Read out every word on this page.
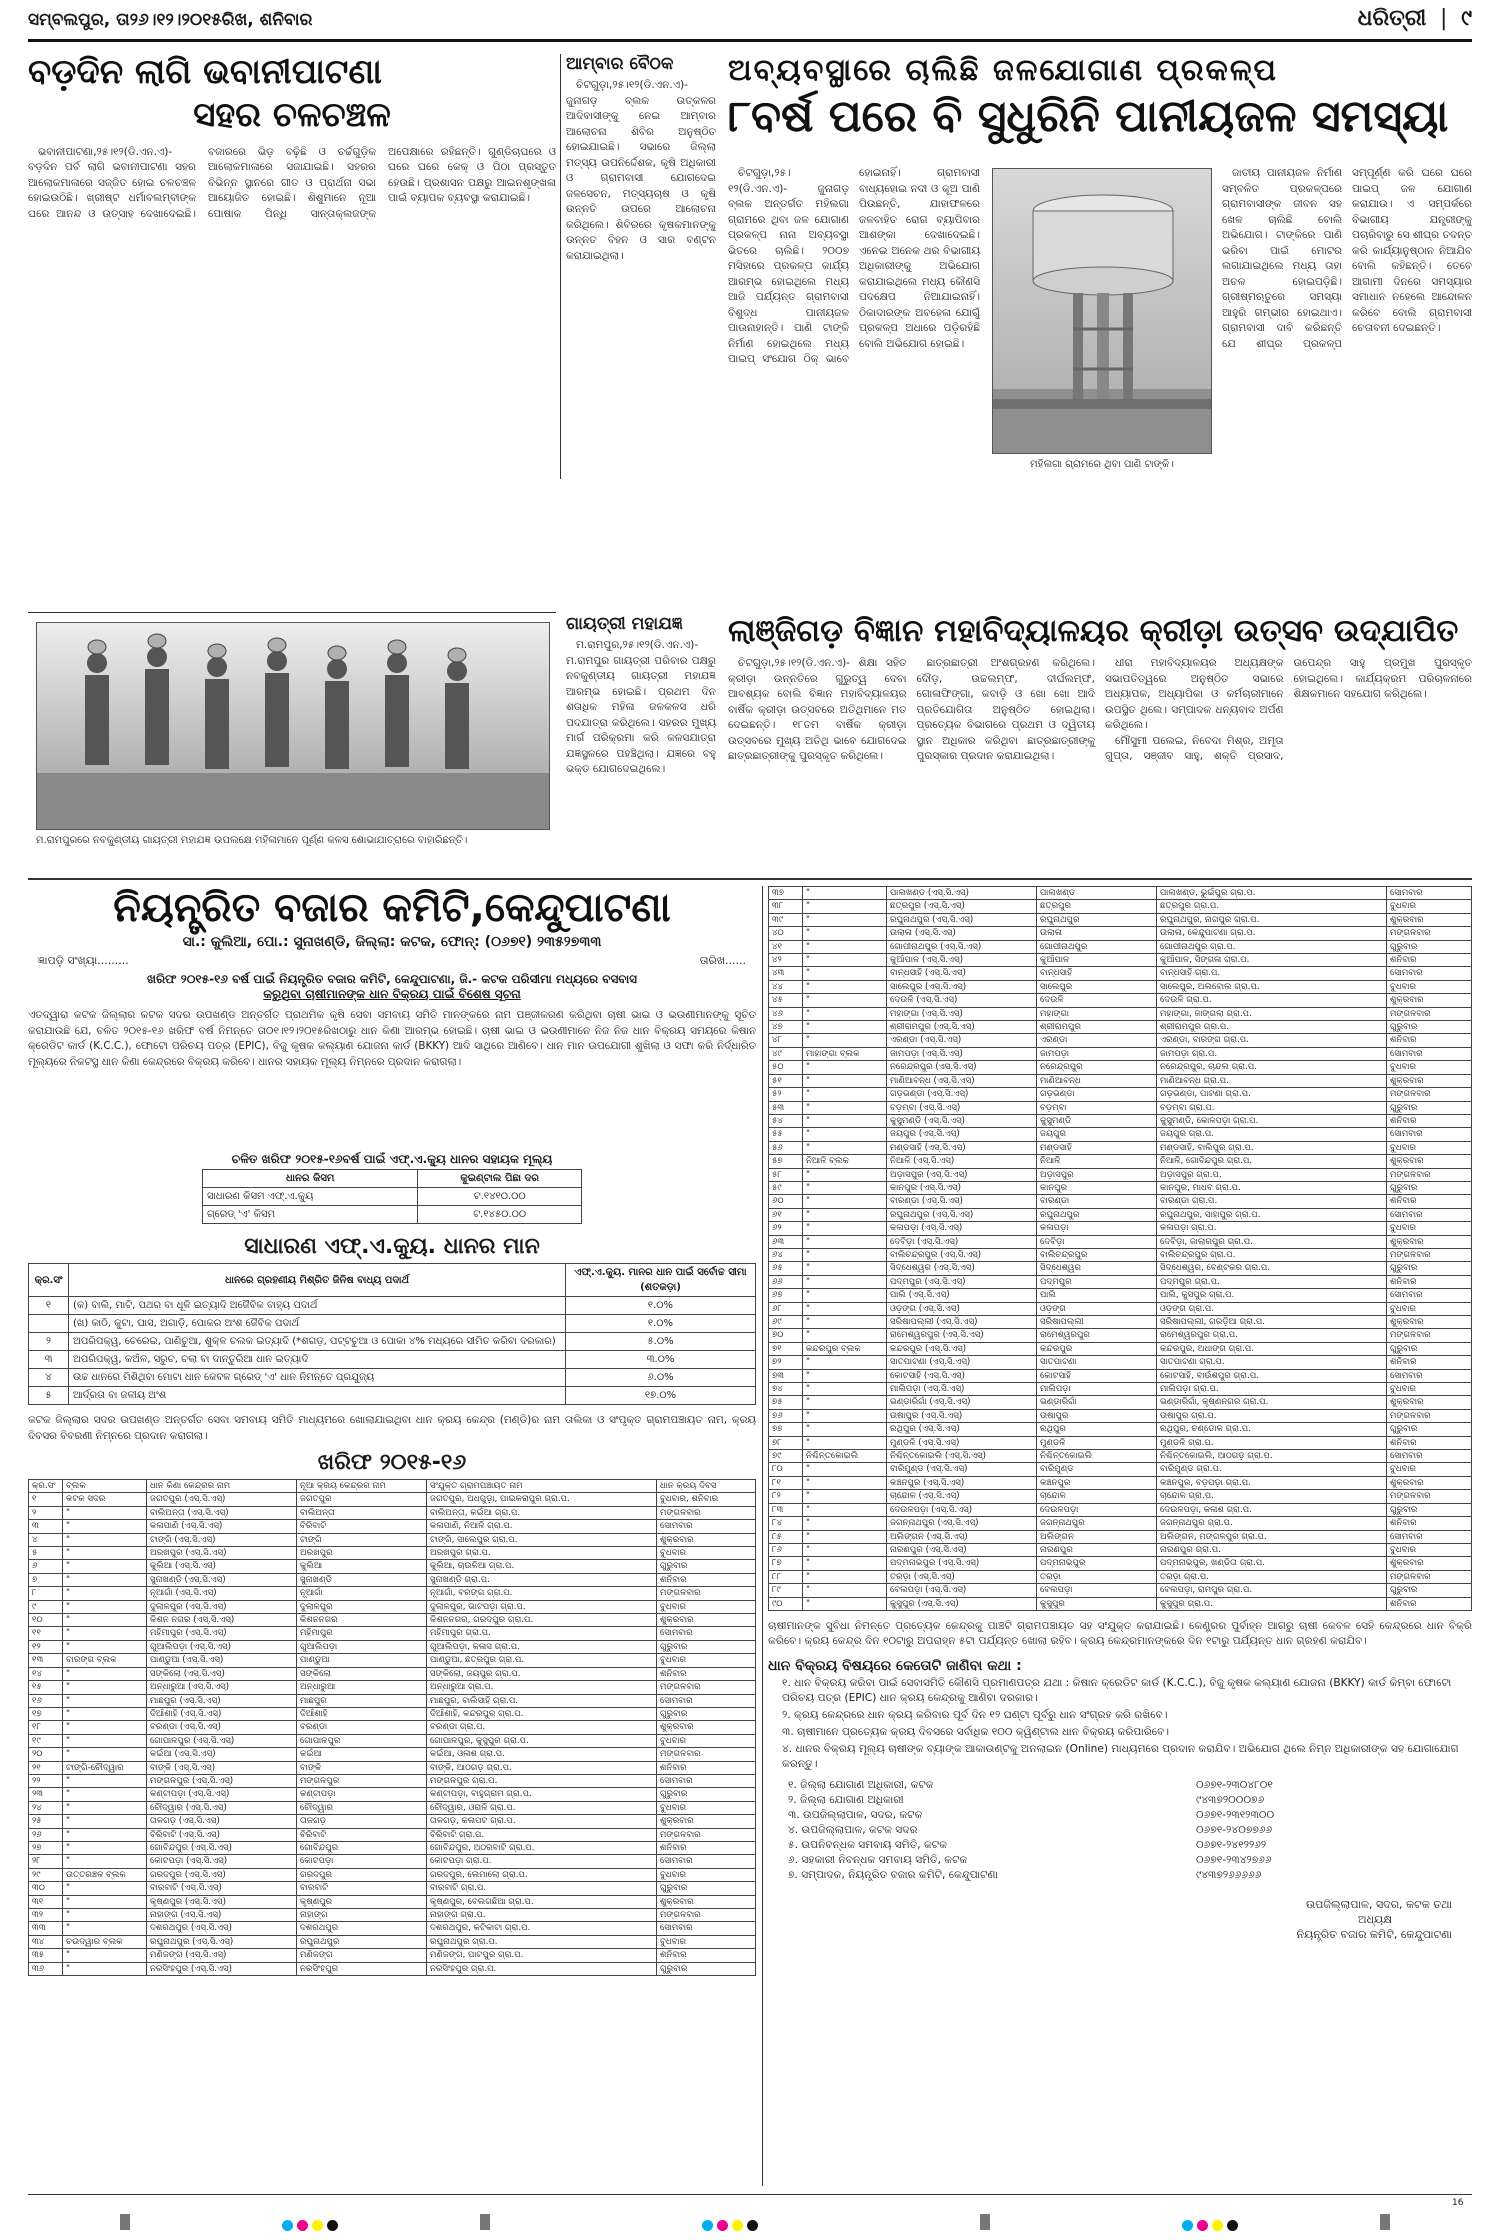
ସମ୍ବଲପୁର, ତା୨୬।୧୨।୨୦୧୫ରିଖ, ଶନିବାର	ଧରିତ୍ରୀ | ୯
ବଡ଼ଦିନ ଲାଗି ଭବାନୀପାଟଣା
ସହର ଚଳଚଞ୍ଚଳ

ଭବାନୀପାଟଣା,୨୫।୧୨(ଡି.ଏନ.ଏ)- ବଡ଼ଦିନ ପର୍ବ ଲାଗି ଭବାନୀପାଟଣା ସହର ଆଲୋକମାଳାରେ ସଜ୍ଜିତ ହୋଇ ଚଳଚଞ୍ଚଳ ହୋଇଉଠିଛି। ଖ୍ରୀଷ୍ଟ ଧର୍ମାବଲମ୍ବୀଙ୍କ ଘରେ ଆନନ୍ଦ ଓ ଉତ୍ସାହ ଦେଖାଦେଇଛି। ବଜାରରେ ଭିଡ଼ ବଢ଼ିଛି ଓ ଚର୍ଚ୍ଚଗୁଡ଼ିକ ଆଲୋକମାଳାରେ ସଜାଯାଇଛି। ସହରର ବିଭିନ୍ନ ସ୍ଥାନରେ ଗୀତ ଓ ପ୍ରାର୍ଥନା ସଭା ଆୟୋଜିତ ହୋଇଛି। ଶିଶୁମାନେ ନୂଆ ପୋଷାକ ପିନ୍ଧି ସାନ୍ତାକ୍ଲଜଙ୍କ ଅପେକ୍ଷାରେ ରହିଛନ୍ତି। ଗୁଣ୍ଡିଚାଘରେ ଓ ଘରେ ଘରେ କେକ୍ ଓ ପିଠା ପ୍ରସ୍ତୁତ ହେଉଛି। ପ୍ରଶାସନ ପକ୍ଷରୁ ଆଇନଶୃଙ୍ଖଳା ପାଇଁ ବ୍ୟାପକ ବ୍ୟବସ୍ଥା କରାଯାଇଛି।

ଆମ୍ବାର ବୈଠକ

ଚିଟଗୁଡ଼ା,୨୫।୧୨(ଡି.ଏନ.ଏ)- ଜୁନାଗଡ଼ ବ୍ଲକ ଉତ୍କଳର ଆଦିବାସୀଙ୍କୁ ନେଇ ଆମ୍ବାର ଆଲୋଚନା ଶିବିର ଅନୁଷ୍ଠିତ ହୋଇଯାଇଛି। ସଭାରେ ଜିଲ୍ଲା ମତ୍ସ୍ୟ ଉପନିର୍ଦ୍ଦେଶକ, କୃଷି ଅଧିକାରୀ ଓ ଗ୍ରାମବାସୀ ଯୋଗଦେଇ ଜଳସେଚନ, ମତ୍ସ୍ୟଚାଷ ଓ କୃଷି ଉନ୍ନତି ଉପରେ ଆଲୋଚନା କରିଥିଲେ। ଶିବିରରେ କୃଷକମାନଙ୍କୁ ଉନ୍ନତ ବିହନ ଓ ସାର ବଣ୍ଟନ କରାଯାଇଥିଲା।

ଅବ୍ୟବସ୍ଥାରେ ଚାଲିଛି ଜଳଯୋଗାଣ ପ୍ରକଳ୍ପ
୮ବର୍ଷ ପରେ ବି ସୁଧୁରିନି ପାନୀୟଜଳ ସମସ୍ୟା

ଚିଟଗୁଡ଼ା,୨୫।୧୨(ଡି.ଏନ.ଏ)- ଜୁନାଗଡ଼ ବ୍ଲକ ଅନ୍ତର୍ଗତ ମହିଲଗା ଗ୍ରାମରେ ଥିବା ଜଳ ଯୋଗାଣ ପ୍ରକଳ୍ପ ନାନା ଅବ୍ୟବସ୍ଥା ଭିତରେ ଚାଲିଛି। ୨୦୦୭ ମସିହାରେ ପ୍ରକଳ୍ପ କାର୍ଯ୍ୟ ଆରମ୍ଭ ହୋଇଥିଲେ ମଧ୍ୟ ଆଜି ପର୍ଯ୍ୟନ୍ତ ଗ୍ରାମବାସୀ ବିଶୁଦ୍ଧ ପାନୀୟଜଳ ପାଉନାହାନ୍ତି। ପାଣି ଟାଙ୍କି ନିର୍ମାଣ ହୋଇଥିଲେ ମଧ୍ୟ ପାଇପ୍ ସଂଯୋଗ ଠିକ୍ ଭାବେ ହୋଇନାହିଁ। ଗ୍ରାମବାସୀ ବାଧ୍ୟହୋଇ ନଦୀ ଓ କୂଅ ପାଣି ପିଉଛନ୍ତି, ଯାହାଫଳରେ ଜଳବାହିତ ରୋଗ ବ୍ୟାପିବାର ଆଶଙ୍କା ଦେଖାଦେଇଛି। ଏନେଇ ଅନେକ ଥର ବିଭାଗୀୟ ଅଧିକାରୀଙ୍କୁ ଅଭିଯୋଗ କରାଯାଇଥିଲେ ମଧ୍ୟ କୌଣସି ପଦକ୍ଷେପ ନିଆଯାଇନାହିଁ। ଠିକାଦାରଙ୍କ ଅବହେଳା ଯୋଗୁଁ ପ୍ରକଳ୍ପ ଅଧାରେ ପଡ଼ିରହିଛି ବୋଲି ଅଭିଯୋଗ ହୋଇଛି।

ମହିଲଗା ଗ୍ରାମରେ ଥିବା ପାଣି ଟାଙ୍କି।

ଜାତୀୟ ପାନୀୟଜଳ ନିର୍ମାଣ ସମ୍ବଳିତ ପ୍ରକଳ୍ପରେ ଗ୍ରାମବାସୀଙ୍କ ଜୀବନ ସହ ଖେଳ ଚାଲିଛି ବୋଲି ଅଭିଯୋଗ। ଟାଙ୍କିରେ ପାଣି ଭରିବା ପାଇଁ ମୋଟର ଲଗାଯାଇଥିଲେ ମଧ୍ୟ ତାହା ଅଚଳ ହୋଇପଡ଼ିଛି। ଗ୍ରୀଷ୍ମଋତୁରେ ସମସ୍ୟା ଆହୁରି ଗମ୍ଭୀର ହୋଇଥାଏ। ଗ୍ରାମବାସୀ ଦାବି କରିଛନ୍ତି ଯେ ଶୀଘ୍ର ପ୍ରକଳ୍ପ ସମ୍ପୂର୍ଣ୍ଣ କରି ଘରେ ଘରେ ପାଇପ୍ ଜଳ ଯୋଗାଣ କରାଯାଉ। ଏ ସମ୍ପର୍କରେ ବିଭାଗୀୟ ଯନ୍ତ୍ରୀଙ୍କୁ ପଚାରିବାରୁ ସେ ଶୀଘ୍ର ତଦନ୍ତ କରି କାର୍ଯ୍ୟାନୁଷ୍ଠାନ ନିଆଯିବ ବୋଲି କହିଛନ୍ତି। ତେବେ ଆଗାମୀ ଦିନରେ ସମସ୍ୟାର ସମାଧାନ ନହେଲେ ଆନ୍ଦୋଳନ କରିବେ ବୋଲି ଗ୍ରାମବାସୀ ଚେତାବନୀ ଦେଇଛନ୍ତି।

ମ.ରାମପୁରରେ ନବକୁଣ୍ଡୀୟ ଗାୟତ୍ରୀ ମହାଯଜ୍ଞ ଉପଲକ୍ଷେ ମହିଳାମାନେ ପୂର୍ଣ୍ଣ କଳସ ଶୋଭାଯାତ୍ରାରେ ବାହାରିଛନ୍ତି।
ଗାୟତ୍ରୀ ମହାଯଜ୍ଞ

ମ.ରାମପୁର,୨୫।୧୨(ଡି.ଏନ.ଏ)- ମ.ରାମପୁର ଗାୟତ୍ରୀ ପରିବାର ପକ୍ଷରୁ ନବକୁଣ୍ଡୀୟ ଗାୟତ୍ରୀ ମହାଯଜ୍ଞ ଆରମ୍ଭ ହୋଇଛି। ପ୍ରଥମ ଦିନ ଶତାଧିକ ମହିଳା ଜଳକଳସ ଧରି ପଦଯାତ୍ରା କରିଥିଲେ। ସହରର ମୁଖ୍ୟ ମାର୍ଗ ପରିକ୍ରମା କରି କଳସଯାତ୍ରା ଯଜ୍ଞସ୍ଥଳରେ ପହଞ୍ଚିଥିଲା। ଯଜ୍ଞରେ ବହୁ ଭକ୍ତ ଯୋଗଦେଇଥିଲେ।

ଲାଞ୍ଜିଗଡ଼ ବିଜ୍ଞାନ ମହାବିଦ୍ୟାଳୟର କ୍ରୀଡ଼ା ଉତ୍ସବ ଉଦ୍ଯାପିତ

ଚିଟଗୁଡ଼ା,୨୫।୧୨(ଡି.ଏନ.ଏ)- ଶିକ୍ଷା ସହିତ କ୍ରୀଡ଼ା ଉନ୍ନତିରେ ଗୁରୁତ୍ୱ ଦେବା ଆବଶ୍ୟକ ବୋଲି ବିଜ୍ଞାନ ମହାବିଦ୍ୟାଳୟର ବାର୍ଷିକ କ୍ରୀଡ଼ା ଉତ୍ସବରେ ଅତିଥିମାନେ ମତ ଦେଇଛନ୍ତି। ୧୮ତମ ବାର୍ଷିକ କ୍ରୀଡ଼ା ଉତ୍ସବରେ ମୁଖ୍ୟ ଅତିଥି ଭାବେ ଯୋଗଦେଇ ଛାତ୍ରଛାତ୍ରୀଙ୍କୁ ପୁରସ୍କୃତ କରିଥିଲେ।

ଛାତ୍ରଛାତ୍ରୀ ଅଂଶଗ୍ରହଣ କରିଥିଲେ। ଦୌଡ଼, ଉଚ୍ଚଲମ୍ଫ, ଦୀର୍ଘଲମ୍ଫ, ଗୋଳାଫିଙ୍ଗା, କବାଡ଼ି ଓ ଖୋ ଖୋ ଆଦି ପ୍ରତିଯୋଗିତା ଅନୁଷ୍ଠିତ ହୋଇଥିଲା। ପ୍ରତ୍ୟେକ ବିଭାଗରେ ପ୍ରଥମ ଓ ଦ୍ୱିତୀୟ ସ୍ଥାନ ଅଧିକାର କରିଥିବା ଛାତ୍ରଛାତ୍ରୀଙ୍କୁ ପୁରସ୍କାର ପ୍ରଦାନ କରାଯାଇଥିଲା।

ଧୀରା ମହାବିଦ୍ୟାଳୟର ଅଧ୍ୟକ୍ଷଙ୍କ ସଭାପତିତ୍ୱରେ ଅନୁଷ୍ଠିତ ସଭାରେ ଅଧ୍ୟାପକ, ଅଧ୍ୟାପିକା ଓ କର୍ମଚାରୀମାନେ ଉପସ୍ଥିତ ଥିଲେ। ସମ୍ପାଦକ ଧନ୍ୟବାଦ ଅର୍ପଣ କରିଥିଲେ।

ମୌସୁମୀ ପଲେଇ, ନିବେଦା ମିଶ୍ର, ଅମୃତା ଗୁପ୍ତା, ସଞ୍ଜୀବ ସାହୁ, ଶକ୍ତି ପ୍ରସାଦ, ଉପେନ୍ଦ୍ର ସାହୁ ପ୍ରମୁଖ ପୁରସ୍କୃତ ହୋଇଥିଲେ। କାର୍ଯ୍ୟକ୍ରମ ପରିଚାଳନାରେ ଶିକ୍ଷକମାନେ ସହଯୋଗ କରିଥିଲେ।

ନିୟନ୍ତ୍ରିତ ବଜାର କମିଟି,କେନ୍ଦୁପାଟଣା
ସା.: କୁଲିଆ, ପୋ.: ସୁନାଖଣ୍ଡି, ଜିଲ୍ଲା: କଟକ, ଫୋନ୍: (୦୬୭୧) ୨୩୫୨୭୩୩
ଜ୍ଞାପଡ଼ି ସଂଖ୍ୟା.........	ତାରିଖ......
ଖରିଫ ୨୦୧୫-୧୬ ବର୍ଷ ପାଇଁ ନିୟନ୍ତ୍ରିତ ବଜାର କମିଟି, କେନ୍ଦୁପାଟଣା, ଜି.- କଟକ ପରିସୀମା ମଧ୍ୟରେ ବସବାସ
କରୁଥିବା ଚାଷୀମାନଙ୍କ ଧାନ ବିକ୍ରୟ ପାଇଁ ବିଶେଷ ସୂଚନା
ଏତଦ୍ୱାରା କଟକ ଜିଲ୍ଲାର କଟକ ସଦର ଉପଖଣ୍ଡ ଅନ୍ତର୍ଗତ ପ୍ରାଥମିକ କୃଷି ସେବା ସମବାୟ ସମିତି ମାନଙ୍କରେ ନାମ ପଞ୍ଜୀକରଣ କରିଥିବା ଚାଷୀ ଭାଇ ଓ ଭଉଣୀମାନଙ୍କୁ ସୂଚିତ କରାଯାଉଛି ଯେ, ଚଳିତ ୨୦୧୫-୧୬ ଖରିଫ ବର୍ଷ ନିମନ୍ତେ ତା୦୧।୧୨।୨୦୧୫ରିଖଠାରୁ ଧାନ କିଣା ଆରମ୍ଭ ହୋଇଛି। ଚାଷୀ ଭାଇ ଓ ଭଉଣୀମାନେ ନିଜ ନିଜ ଧାନ ବିକ୍ରୟ ସମୟରେ କିଷାନ କ୍ରେଡିଟ କାର୍ଡ (K.C.C.), ଫୋଟୋ ପରିଚୟ ପତ୍ର (EPIC), ବିଜୁ କୃଷକ କଲ୍ୟାଣ ଯୋଜନା କାର୍ଡ (BKKY) ଆଦି ସାଥିରେ ଆଣିବେ। ଧାନ ମାନ ଉପଯୋଗୀ ଶୁଖିଲା ଓ ସଫା କରି ନିର୍ଦ୍ଧାରିତ ମୂଲ୍ୟରେ ନିକଟସ୍ଥ ଧାନ କିଣା କେନ୍ଦ୍ରରେ ବିକ୍ରୟ କରିବେ। ଧାନର ସହାୟକ ମୂଲ୍ୟ ନିମ୍ନରେ ପ୍ରଦାନ କରାଗଲା।
ଚଳିତ ଖରିଫ ୨୦୧୫-୧୬ବର୍ଷ ପାଇଁ ଏଫ୍.ଏ.କ୍ୟୁ ଧାନର ସହାୟକ ମୂଲ୍ୟ
ଧାନର କିସମ	କୁଇଣ୍ଟାଲ ପିଛା ଦର
ସାଧାରଣ କିସମ ଏଫ୍.ଏ.କ୍ୟୁ	ଟ.୧୪୧୦.୦୦
ଗ୍ରେଡ୍ 'ଏ' କିସମ	ଟ.୧୪୫୦.୦୦
ସାଧାରଣ ଏଫ୍.ଏ.କ୍ୟୁ. ଧାନର ମାନ
କ୍ର.ସଂ	ଧାନରେ ଗ୍ରହଣୀୟ ମିଶ୍ରିତ ଜିନିଷ ବାଧ୍ୟ ପଦାର୍ଥ	ଏଫ୍.ଏ.କ୍ୟୁ. ମାନର ଧାନ ପାଇଁ ସର୍ବୋଚ୍ଚ ସୀମା (ଶତକଡ଼ା)
୧	(କ) ବାଲି, ମାଟି, ପଥର ବା ଧୂଳି ଇତ୍ୟାଦି ଅଜୈବିକ ବାହ୍ୟ ପଦାର୍ଥ	୧.୦%
	(ଖ) କାଠି, କୁଟା, ଘାସ, ଅଗାଡ଼ି, ପୋକର ଅଂଶ ଜୈବିକ ପଦାର୍ଥ	୧.୦%
୨	ଅପରିପକ୍ୱ, ଚେରେଇ, ପାଣିଚୁଆ, ଶୁକ୍ଳ ଚଲକ ଇତ୍ୟାଦି (*ଶଗଡ଼, ପଟ୍ଟଚୁଆ ଓ ପୋକା ୪% ମଧ୍ୟରେ ସୀମିତ କରିବା ଦରକାର)	୫.୦%
୩	ଅପରିପକ୍ୱ, କଅଁଳ, ସରୁଚ, ଚଲା ବା ଦାନ୍ତୁରିଆ ଧାନ ଇତ୍ୟାଦି	୩.୦%
୪	ଉଚ୍ଚ ଧାନରେ ମିଶିଥିବା ମୋଟା ଧାନ କେବଳ ଗ୍ରେଡ୍ 'ଏ' ଧାନ ନିମନ୍ତେ ପ୍ରଯୁଜ୍ୟ	୬.୦%
୫	ଆର୍ଦ୍ରତା ବା ଜଳୀୟ ଅଂଶ	୧୭.୦%
କଟକ ଜିଲ୍ଲାର ସଦର ଉପଖଣ୍ଡ ଅନ୍ତର୍ଗତ ସେବା ସମବାୟ ସମିତି ମାଧ୍ୟମରେ ଖୋଲାଯାଇଥିବା ଧାନ କ୍ରୟ କେନ୍ଦ୍ର (ମଣ୍ଡି)ର ନାମ ତାଲିକା ଓ ସଂପୃକ୍ତ ଗ୍ରାମପଞ୍ଚାୟତ ନାମ, କ୍ରୟ ଦିବସର ବିବରଣୀ ନିମ୍ନରେ ପ୍ରଦାନ କରାଗଲା।
ଖରିଫ ୨୦୧୫-୧୬
କ୍ର.ସଂ	ବ୍ଲକ	ଧାନ କିଣା କେନ୍ଦ୍ରର ନାମ	ନୂଆ କ୍ରୟ କେନ୍ଦ୍ରର ନାମ	ସଂଯୁକ୍ତ ଗ୍ରାମପଞ୍ଚାୟତ ନାମ	ଧାନ କ୍ରୟ ଦିବସ
୧	କଟକ ସଦର	ଜଗତପୁର (ଏସ୍.ସି.ଏସ୍)	ଜଗତପୁର	ଜଗତପୁର, ଅଧଗୁଡ଼ା, ପାଇକରାପୁର ଗ୍ରା.ପ.	ବୁଧବାର, ଶନିବାର
୨	"	ବାଲିଅନ୍ତା (ଏସ୍.ସି.ଏସ୍)	ବାଲିଅନ୍ତା	ବାଲିଅନ୍ତା, କଇଁଆ ଗ୍ରା.ପ.	ମଙ୍ଗଳବାର
୩	"	କଳାପାଣି (ଏସ୍.ସି.ଏସ୍)	ବିରିବାଟି	କଳାପାଣି, ନିଆଳି ଗ୍ରା.ପ.	ସୋମବାର
୪	"	ଟାଙ୍ଗି (ଏସ୍.ସି.ଏସ୍)	ଟାଙ୍ଗି	ଟାଙ୍ଗି, ସାଲେପୁର ଗ୍ରା.ପ.	ଶୁକ୍ରବାର
୫	"	ଅରଖପୁର (ଏସ୍.ସି.ଏସ୍)	ଅରଖପୁର	ଅରଖପୁର ଗ୍ରା.ପ.	ବୁଧବାର
୬	"	କୁଲିଆ (ଏସ୍.ସି.ଏସ୍)	କୁଲିଆ	କୁଲିଆ, ଚାଉଳିଆ ଗ୍ରା.ପ.	ଗୁରୁବାର
୭	"	ସୁନାଖଣ୍ଡି (ଏସ୍.ସି.ଏସ୍)	ସୁନାଖଣ୍ଡି	ସୁନାଖଣ୍ଡି ଗ୍ରା.ପ.	ଶନିବାର
୮	"	ନୂଆଗାଁ (ଏସ୍.ସି.ଏସ୍)	ନୂଆଗାଁ	ନୂଆଗାଁ, ବରଙ୍ଗ ଗ୍ରା.ପ.	ମଙ୍ଗଳବାର
୯	"	ଦୁଲାଳପୁର (ଏସ୍.ସି.ଏସ୍)	ଦୁଲାଳପୁର	ଦୁଲାଳପୁର, ଭାଟପଡ଼ା ଗ୍ରା.ପ.	ବୁଧବାର
୧୦	"	କିଶନ ନଗର (ଏସ୍.ସି.ଏସ୍)	କିଶନନଗର	କିଶନନଗର, ଗରଦପୁର ଗ୍ରା.ପ.	ଶୁକ୍ରବାର
୧୧	"	ମହିମାପୁର (ଏସ୍.ସି.ଏସ୍)	ମହିମାପୁର	ମହିମାପୁର ଗ୍ରା.ପ.	ସୋମବାର
୧୨	"	ଗୁଆଲିପଡ଼ା (ଏସ୍.ସି.ଏସ୍)	ଗୁଆଲିପଡ଼ା	ଗୁଆଲିପଡ଼ା, କଳାସ ଗ୍ରା.ପ.	ଗୁରୁବାର
୧୩	ବାରଙ୍ଗ ବ୍ଲକ	ପାଣ୍ଡୁଆ (ଏସ୍.ସି.ଏସ୍)	ପାଣ୍ଡୁଆ	ପାଣ୍ଡୁଆ, ଛତ୍ରପୁର ଗ୍ରା.ପ.	ବୁଧବାର
୧୪	"	ସଙ୍କିଲୋ (ଏସ୍.ସି.ଏସ୍)	ସଙ୍କିଲୋ	ସଙ୍କିଲୋ, ଜୟପୁର ଗ୍ରା.ପ.	ଶନିବାର
୧୫	"	ଅନ୍ଧାରୁଆ (ଏସ୍.ସି.ଏସ୍)	ଅନ୍ଧାରୁଆ	ଅନ୍ଧାରୁଆ ଗ୍ରା.ପ.	ମଙ୍ଗଳବାର
୧୬	"	ମାଛପୁର (ଏସ୍.ସି.ଏସ୍)	ମାଛପୁର	ମାଛପୁର, ବାଲିସାହି ଗ୍ରା.ପ.	ସୋମବାର
୧୭	"	ଦିଆଁଶାହି (ଏସ୍.ସି.ଏସ୍)	ଦିଆଁଶାହି	ଦିଆଁଶାହି, କନ୍ଦରପୁର ଗ୍ରା.ପ.	ଗୁରୁବାର
୧୮	"	ବରଣ୍ଡା (ଏସ୍.ସି.ଏସ୍)	ବରଣ୍ଡା	ବରଣ୍ଡା ଗ୍ରା.ପ.	ଶୁକ୍ରବାର
୧୯	"	ଗୋପାଳପୁର (ଏସ୍.ସି.ଏସ୍)	ଗୋପାଳପୁର	ଗୋପାଳପୁର, କୁସୁପୁର ଗ୍ରା.ପ.	ବୁଧବାର
୨୦	"	କଇଁଆ (ଏସ୍.ସି.ଏସ୍)	କଇଁଆ	କଇଁଆ, ଓଳାଶ ଗ୍ରା.ପ.	ମଙ୍ଗଳବାର
୨୧	ଟାଙ୍ଗି-ଚୌଦ୍ୱାର	ବାଙ୍କି (ଏସ୍.ସି.ଏସ୍)	ବାଙ୍କି	ବାଙ୍କି, ଆଠଗଡ଼ ଗ୍ରା.ପ.	ଶନିବାର
୨୨	"	ମଙ୍ଗଳପୁର (ଏସ୍.ସି.ଏସ୍)	ମଙ୍ଗଳପୁର	ମଙ୍ଗଳପୁର ଗ୍ରା.ପ.	ସୋମବାର
୨୩	"	କଣ୍ଟାପଡ଼ା (ଏସ୍.ସି.ଏସ୍)	କଣ୍ଟାପଡ଼ା	କଣ୍ଟାପଡ଼ା, ବାହୁଗ୍ରାମ ଗ୍ରା.ପ.	ଗୁରୁବାର
୨୪	"	ଚୌଦ୍ୱାର (ଏସ୍.ସି.ଏସ୍)	ଚୌଦ୍ୱାର	ଚୌଦ୍ୱାର, ଓରାଳି ଗ୍ରା.ପ.	ବୁଧବାର
୨୫	"	ତାଳଗଡ଼ (ଏସ୍.ସି.ଏସ୍)	ତାଳଗଡ଼	ତାଳଗଡ଼, କଳାପଟ ଗ୍ରା.ପ.	ଶୁକ୍ରବାର
୨୬	"	ବିରିବାଟି (ଏସ୍.ସି.ଏସ୍)	ବିରିବାଟି	ବିରିବାଟି ଗ୍ରା.ପ.	ମଙ୍ଗଳବାର
୨୭	"	ଗୋବିନ୍ଦପୁର (ଏସ୍.ସି.ଏସ୍)	ଗୋବିନ୍ଦପୁର	ଗୋବିନ୍ଦପୁର, ଅଠରବାଟି ଗ୍ରା.ପ.	ଶନିବାର
୨୮	"	କୋଟପଡ଼ା (ଏସ୍.ସି.ଏସ୍)	କୋଟପଡ଼ା	କୋଟପଡ଼ା ଗ୍ରା.ପ.	ସୋମବାର
୨୯	ଉତ୍ତରଞ୍ଚଳ ବ୍ଲକ	ଗରଦପୁର (ଏସ୍.ସି.ଏସ୍)	ଗରଦପୁର	ଗରଦପୁର, ଲେମାଲୋ ଗ୍ରା.ପ.	ବୁଧବାର
୩୦	"	ବାରବାଟି (ଏସ୍.ସି.ଏସ୍)	ବାରବାଟି	ବାରବାଟି ଗ୍ରା.ପ.	ଗୁରୁବାର
୩୧	"	କୃଷ୍ଣପୁର (ଏସ୍.ସି.ଏସ୍)	କୃଷ୍ଣପୁର	କୃଷ୍ଣପୁର, ବେଲଗଛିଆ ଗ୍ରା.ପ.	ଶୁକ୍ରବାର
୩୨	"	ନାହାଙ୍ଗ (ଏସ୍.ସି.ଏସ୍)	ନାହାଙ୍ଗ	ନାହାଙ୍ଗ ଗ୍ରା.ପ.	ମଙ୍ଗଳବାର
୩୩	"	ଦଶରଥପୁର (ଏସ୍.ସି.ଏସ୍)	ଦଶରଥପୁର	ଦଶରଥପୁର, କଟିକାଟା ଗ୍ରା.ପ.	ସୋମବାର
୩୪	ଚଉଦ୍ୱାର ବ୍ଲକ	ରଘୁନାଥପୁର (ଏସ୍.ସି.ଏସ୍)	ରଘୁନାଥପୁର	ରଘୁନାଥପୁର ଗ୍ରା.ପ.	ବୁଧବାର
୩୫	"	ମଣିଜଙ୍ଗ (ଏସ୍.ସି.ଏସ୍)	ମଣିଜଙ୍ଗ	ମଣିଜଙ୍ଗ, ପାଟପୁର ଗ୍ରା.ପ.	ଶନିବାର
୩୬	"	ନରସିଂହପୁର (ଏସ୍.ସି.ଏସ୍)	ନରସିଂହପୁର	ନରସିଂହପୁର ଗ୍ରା.ପ.	ଗୁରୁବାର
୩୭	"	ପାଲଖଣ୍ଡ (ଏସ୍.ସି.ଏସ୍)	ପାଲଖଣ୍ଡ	ପାଲଖଣ୍ଡ, ଭୁଇଁପୁର ଗ୍ରା.ପ.	ସୋମବାର
୩୮	"	ଛତ୍ରପୁର (ଏସ୍.ସି.ଏସ୍)	ଛତ୍ରପୁର	ଛତ୍ରପୁର ଗ୍ରା.ପ.	ବୁଧବାର
୩୯	"	ରଘୁନାଥପୁର (ଏସ୍.ସି.ଏସ୍)	ରଘୁନାଥପୁର	ରଘୁନାଥପୁର, ନାଗପୁର ଗ୍ରା.ପ.	ଶୁକ୍ରବାର
୪୦	"	ଉଲାଳା (ଏସ୍.ସି.ଏସ୍)	ଉଲାଳା	ଉଲାଳା, କେନ୍ଦୁପାଟଣା ଗ୍ରା.ପ.	ମଙ୍ଗଳବାର
୪୧	"	ଗୋପୀନାଥପୁର (ଏସ୍.ସି.ଏସ୍)	ଗୋପୀନାଥପୁର	ଗୋପୀନାଥପୁର ଗ୍ରା.ପ.	ଗୁରୁବାର
୪୨	"	କୁଆଁପାଳ (ଏସ୍.ସି.ଏସ୍)	କୁଆଁପାଳ	କୁଆଁପାଳ, ସିଙ୍ଗଳା ଗ୍ରା.ପ.	ଶନିବାର
୪୩	"	ବାନ୍ଧସାହି (ଏସ୍.ସି.ଏସ୍)	ବାନ୍ଧସାହି	ବାନ୍ଧସାହି ଗ୍ରା.ପ.	ସୋମବାର
୪୪	"	ସାଲେପୁର (ଏସ୍.ସି.ଏସ୍)	ସାଲେପୁର	ସାଲେପୁର, ଅଲବୋଲ ଗ୍ରା.ପ.	ବୁଧବାର
୪୫	"	ଦେଉଳି (ଏସ୍.ସି.ଏସ୍)	ଦେଉଳି	ଦେଉଳି ଗ୍ରା.ପ.	ଶୁକ୍ରବାର
୪୬	"	ମହାଙ୍ଗା (ଏସ୍.ସି.ଏସ୍)	ମହାଙ୍ଗା	ମହାଙ୍ଗା, ଜାଙ୍ଗଲା ଗ୍ରା.ପ.	ମଙ୍ଗଳବାର
୪୭	"	ଶ୍ରୀରାମପୁର (ଏସ୍.ସି.ଏସ୍)	ଶ୍ରୀରାମପୁର	ଶ୍ରୀରାମପୁର ଗ୍ରା.ପ.	ଗୁରୁବାର
୪୮	"	ଏରଣ୍ଡା (ଏସ୍.ସି.ଏସ୍)	ଏରଣ୍ଡା	ଏରଣ୍ଡା, ବାରଙ୍ଗ ଗ୍ରା.ପ.	ଶନିବାର
୪୯	ମାହାଙ୍ଗା ବ୍ଲକ	ଜାମପଡ଼ା (ଏସ୍.ସି.ଏସ୍)	ଜାମପଡ଼ା	ଜାମପଡ଼ା ଗ୍ରା.ପ.	ସୋମବାର
୫୦	"	ନରେନ୍ଦ୍ରପୁର (ଏସ୍.ସି.ଏସ୍)	ନରେନ୍ଦ୍ରପୁର	ନରେନ୍ଦ୍ରପୁର, ଚାନ୍ଦଲ ଗ୍ରା.ପ.	ବୁଧବାର
୫୧	"	ମାଣିଆବନ୍ଧ (ଏସ୍.ସି.ଏସ୍)	ମାଣିଆବନ୍ଧ	ମାଣିଆବନ୍ଧ ଗ୍ରା.ପ.	ଶୁକ୍ରବାର
୫୨	"	ଗଡ଼ଭଣ୍ଡା (ଏସ୍.ସି.ଏସ୍)	ଗଡ଼ଭଣ୍ଡା	ଗଡ଼ଭଣ୍ଡା, ପାଟଣା ଗ୍ରା.ପ.	ମଙ୍ଗଳବାର
୫୩	"	ବଡ଼ମ୍ବା (ଏସ୍.ସି.ଏସ୍)	ବଡ଼ମ୍ବା	ବଡ଼ମ୍ବା ଗ୍ରା.ପ.	ଗୁରୁବାର
୫୪	"	କୁସୁମଣ୍ଡି (ଏସ୍.ସି.ଏସ୍)	କୁସୁମଣ୍ଡି	କୁସୁମଣ୍ଡି, କୋଳପଡ଼ା ଗ୍ରା.ପ.	ଶନିବାର
୫୫	"	ଜୟପୁର (ଏସ୍.ସି.ଏସ୍)	ଜୟପୁର	ଜୟପୁର ଗ୍ରା.ପ.	ସୋମବାର
୫୬	"	ମଣ୍ଡସାହି (ଏସ୍.ସି.ଏସ୍)	ମଣ୍ଡସାହି	ମଣ୍ଡସାହି, ବାଲିପୁର ଗ୍ରା.ପ.	ବୁଧବାର
୫୭	ନିଆଳି ବ୍ଲକ	ନିଆଳି (ଏସ୍.ସି.ଏସ୍)	ନିଆଳି	ନିଆଳି, ଗୋବିନ୍ଦପୁର ଗ୍ରା.ପ.	ଶୁକ୍ରବାର
୫୮	"	ଅଡ଼ାସପୁର (ଏସ୍.ସି.ଏସ୍)	ଅଡ଼ାସପୁର	ଅଡ଼ାସପୁର ଗ୍ରା.ପ.	ମଙ୍ଗଳବାର
୫୯	"	କାନପୁର (ଏସ୍.ସି.ଏସ୍)	କାନପୁର	କାନପୁର, ମାଧବ ଗ୍ରା.ପ.	ଗୁରୁବାର
୬୦	"	ବାରଣ୍ଡା (ଏସ୍.ସି.ଏସ୍)	ବାରଣ୍ଡା	ବାରଣ୍ଡା ଗ୍ରା.ପ.	ଶନିବାର
୬୧	"	ରଘୁନାଥପୁର (ଏସ୍.ସି.ଏସ୍)	ରଘୁନାଥପୁର	ରଘୁନାଥପୁର, ସାହାପୁର ଗ୍ରା.ପ.	ସୋମବାର
୬୨	"	କଳାପଡ଼ା (ଏସ୍.ସି.ଏସ୍)	କଳାପଡ଼ା	କଳାପଡ଼ା ଗ୍ରା.ପ.	ବୁଧବାର
୬୩	"	ଦେବିଡ଼ା (ଏସ୍.ସି.ଏସ୍)	ଦେବିଡ଼ା	ଦେବିଡ଼ା, ଜାଲାରପୁର ଗ୍ରା.ପ.	ଶୁକ୍ରବାର
୬୪	"	ବାଲିଚନ୍ଦ୍ରପୁର (ଏସ୍.ସି.ଏସ୍)	ବାଲିଚନ୍ଦ୍ରପୁର	ବାଲିଚନ୍ଦ୍ରପୁର ଗ୍ରା.ପ.	ମଙ୍ଗଳବାର
୬୫	"	ସିଦ୍ଧେଶ୍ୱର (ଏସ୍.ସି.ଏସ୍)	ସିଦ୍ଧେଶ୍ୱର	ସିଦ୍ଧେଶ୍ୱର, ବେଣ୍ଟକର ଗ୍ରା.ପ.	ଗୁରୁବାର
୬୬	"	ପଦ୍ମପୁର (ଏସ୍.ସି.ଏସ୍)	ପଦ୍ମପୁର	ପଦ୍ମପୁର ଗ୍ରା.ପ.	ଶନିବାର
୬୭	"	ପାଲି (ଏସ୍.ସି.ଏସ୍)	ପାଲି	ପାଲି, କୁସପୁର ଗ୍ରା.ପ.	ସୋମବାର
୬୮	"	ଓଡ଼ଙ୍ଗ (ଏସ୍.ସି.ଏସ୍)	ଓଡ଼ଙ୍ଗ	ଓଡ଼ଙ୍ଗ ଗ୍ରା.ପ.	ବୁଧବାର
୬୯	"	ସରିଷାପଲ୍ଲୀ (ଏସ୍.ସି.ଏସ୍)	ସରିଷାପଲ୍ଲୀ	ସରିଷାପଲ୍ଲୀ, ଗରଡ଼ିଆ ଗ୍ରା.ପ.	ଶୁକ୍ରବାର
୭୦	"	ରାମେଶ୍ୱରପୁର (ଏସ୍.ସି.ଏସ୍)	ରାମେଶ୍ୱରପୁର	ରାମେଶ୍ୱରପୁର ଗ୍ରା.ପ.	ମଙ୍ଗଳବାର
୭୧	କନ୍ଦରପୁର ବ୍ଲକ	କନ୍ଦରପୁର (ଏସ୍.ସି.ଏସ୍)	କନ୍ଦରପୁର	କନ୍ଦରପୁର, ଅଧାଙ୍ଗ ଗ୍ରା.ପ.	ଗୁରୁବାର
୭୨	"	ସାତପାଟଣା (ଏସ୍.ସି.ଏସ୍)	ସାତପାଟଣା	ସାତପାଟଣା ଗ୍ରା.ପ.	ଶନିବାର
୭୩	"	କୋଟସାହି (ଏସ୍.ସି.ଏସ୍)	କୋଟସାହି	କୋଟସାହି, ବାଉଁଶପୁର ଗ୍ରା.ପ.	ସୋମବାର
୭୪	"	ମାଲିପଡ଼ା (ଏସ୍.ସି.ଏସ୍)	ମାଲିପଡ଼ା	ମାଲିପଡ଼ା ଗ୍ରା.ପ.	ବୁଧବାର
୭୫	"	ଭଣ୍ଡାରିଗାଁ (ଏସ୍.ସି.ଏସ୍)	ଭଣ୍ଡାରିଗାଁ	ଭଣ୍ଡାରିଗାଁ, କୃଷ୍ଣନଗର ଗ୍ରା.ପ.	ଶୁକ୍ରବାର
୭୬	"	ଉଷାପୁର (ଏସ୍.ସି.ଏସ୍)	ଉଷାପୁର	ଉଷାପୁର ଗ୍ରା.ପ.	ମଙ୍ଗଳବାର
୭୭	"	ରଥିପୁର (ଏସ୍.ସି.ଏସ୍)	ରଥିପୁର	ରଥିପୁର, ଚଣ୍ଡୋଳ ଗ୍ରା.ପ.	ଗୁରୁବାର
୭୮	"	ମୁଣ୍ଡଳି (ଏସ୍.ସି.ଏସ୍)	ମୁଣ୍ଡଳି	ମୁଣ୍ଡଳି ଗ୍ରା.ପ.	ଶନିବାର
୭୯	ନିଶ୍ଚିନ୍ତକୋଇଲି	ନିଶ୍ଚିନ୍ତକୋଇଲି (ଏସ୍.ସି.ଏସ୍)	ନିଶ୍ଚିନ୍ତକୋଇଲି	ନିଶ୍ଚିନ୍ତକୋଇଲି, ଆଠଗଡ଼ ଗ୍ରା.ପ.	ସୋମବାର
୮୦	"	ବାରିମୁଣ୍ଡ (ଏସ୍.ସି.ଏସ୍)	ବାରିମୁଣ୍ଡ	ବାରିମୁଣ୍ଡ ଗ୍ରା.ପ.	ବୁଧବାର
୮୧	"	କଞ୍ଚନପୁର (ଏସ୍.ସି.ଏସ୍)	କଞ୍ଚନପୁର	କଞ୍ଚନପୁର, ବଡ଼ପଡ଼ା ଗ୍ରା.ପ.	ଶୁକ୍ରବାର
୮୨	"	ଚାନ୍ଦୋଳ (ଏସ୍.ସି.ଏସ୍)	ଚାନ୍ଦୋଳ	ଚାନ୍ଦୋଳ ଗ୍ରା.ପ.	ମଙ୍ଗଳବାର
୮୩	"	ଦେଉଳପଡ଼ା (ଏସ୍.ସି.ଏସ୍)	ଦେଉଳପଡ଼ା	ଦେଉଳପଡ଼ା, କଳାଶ ଗ୍ରା.ପ.	ଗୁରୁବାର
୮୪	"	ଜଗନ୍ନାଥପୁର (ଏସ୍.ସି.ଏସ୍)	ଜଗନ୍ନାଥପୁର	ଜଗନ୍ନାଥପୁର ଗ୍ରା.ପ.	ଶନିବାର
୮୫	"	ଅଲିଙ୍ଗନ (ଏସ୍.ସି.ଏସ୍)	ଅଲିଙ୍ଗନ	ଅଲିଙ୍ଗନ, ମଙ୍ଗଳପୁର ଗ୍ରା.ପ.	ସୋମବାର
୮୬	"	ନାରଣପୁର (ଏସ୍.ସି.ଏସ୍)	ନାରଣପୁର	ନାରଣପୁର ଗ୍ରା.ପ.	ବୁଧବାର
୮୭	"	ପଦ୍ମନାଭପୁର (ଏସ୍.ସି.ଏସ୍)	ପଦ୍ମନାଭପୁର	ପଦ୍ମନାଭପୁର, ଖଣ୍ଡିତା ଗ୍ରା.ପ.	ଶୁକ୍ରବାର
୮୮	"	ତରଡ଼ା (ଏସ୍.ସି.ଏସ୍)	ତରଡ଼ା	ତରଡ଼ା ଗ୍ରା.ପ.	ମଙ୍ଗଳବାର
୮୯	"	ବେଲପଡ଼ା (ଏସ୍.ସି.ଏସ୍)	ବେଲପଡ଼ା	ବେଲପଡ଼ା, ରାମପୁର ଗ୍ରା.ପ.	ଗୁରୁବାର
୯୦	"	କୁସୁପୁର (ଏସ୍.ସି.ଏସ୍)	କୁସୁପୁର	କୁସୁପୁର ଗ୍ରା.ପ.	ଶନିବାର
ଚାଷୀମାନଙ୍କ ସୁବିଧା ନିମନ୍ତେ ପ୍ରତ୍ୟେକ କେନ୍ଦ୍ରକୁ ପାଞ୍ଚଟି ଗ୍ରାମପଞ୍ଚାୟତ ସହ ସଂଯୁକ୍ତ କରାଯାଇଛି। କେଣ୍ଟ୍ରର ପୁର୍ବାହ୍ନ ଆଗରୁ ଚାଷୀ କେବଳ ସେହି କେନ୍ଦ୍ରରେ ଧାନ ବିକ୍ରି କରିବେ। କ୍ରୟ କେନ୍ଦ୍ର ଦିନ ୧୦ଟାରୁ ଅପରାହ୍ନ ୫ଟା ପର୍ଯ୍ୟନ୍ତ ଖୋଲା ରହିବ। କ୍ରୟ କେନ୍ଦ୍ରମାନଙ୍କରେ ଦିନ ୧ଟାରୁ ପର୍ଯ୍ୟନ୍ତ ଧାନ ଗ୍ରହଣ କରାଯିବ।
ଧାନ ବିକ୍ରୟ ବିଷୟରେ କେତୋଟି ଜାଣିବା କଥା :
୧. ଧାନ ବିକ୍ରୟ କରିବା ପାଇଁ ସେବାସମିତି କୌଣସି ପ୍ରମାଣପତ୍ର ଯଥା : କିଷାନ କ୍ରେଡିଟ କାର୍ଡ (K.C.C.), ବିଜୁ କୃଷକ କଲ୍ୟାଣ ଯୋଜନା (BKKY) କାର୍ଡ କିମ୍ବା ଫୋଟୋ ପରିଚୟ ପତ୍ର (EPIC) ଧାନ କ୍ରୟ କେନ୍ଦ୍ରକୁ ଆଣିବା ଦରକାର।
୨. କ୍ରୟ କେନ୍ଦ୍ରରେ ଧାନ କ୍ରୟ କରିବାର ପୂର୍ବ ଦିନ ୧୨ ଘଣ୍ଟା ପୂର୍ବରୁ ଧାନ ସଂଗ୍ରହ କରି ରଖିବେ।
୩. ଚାଷୀମାନେ ପ୍ରତ୍ୟେକ କ୍ରୟ ଦିବସରେ ସର୍ବାଧିକ ୧୦୦ କ୍ୱିଣ୍ଟାଲ ଧାନ ବିକ୍ରୟ କରିପାରିବେ।
୪. ଧାନର ବିକ୍ରୟ ମୂଲ୍ୟ ଚାଷୀଙ୍କ ବ୍ୟାଙ୍କ ଆକାଉଣ୍ଟକୁ ଅନଲାଇନ (Online) ମାଧ୍ୟମରେ ପ୍ରଦାନ କରାଯିବ। ଅଭିଯୋଗ ଥିଲେ ନିମ୍ନ ଅଧିକାରୀଙ୍କ ସହ ଯୋଗାଯୋଗ କରନ୍ତୁ।
୧. ଜିଲ୍ଲା ଯୋଗାଣ ଅଧିକାରୀ, କଟକ	୦୬୭୧-୨୩୦୪୮୦୧
୨. ଜିଲ୍ଲା ଯୋଗାଣ ଅଧିକାରୀ	୯୪୩୭୨୦୦୦୭୬
୩. ଉପଜିଲ୍ଲାପାଳ, ସଦର, କଟକ	୦୬୭୧-୨୩୧୨୩୦୦
୪. ଉପଜିଲ୍ଲାପାଳ, କଟକ ସଦର	୦୬୭୧-୨୪୦୭୭୬୬
୫. ଉପନିବନ୍ଧକ ସମବାୟ ସମିତି, କଟକ	୦୬୭୧-୨୪୧୨୨୬୨
୬. ସହକାରୀ ନିବନ୍ଧକ ସମବାୟ ସମିତି, କଟକ	୦୬୭୧-୨୩୪୨୭୬୬
୭. ସମ୍ପାଦକ, ନିୟନ୍ତ୍ରିତ ବଜାର କମିଟି, କେନ୍ଦୁପାଟଣା	୯୪୩୭୨୬୬୬୬୬
ଉପଜିଲ୍ଲାପାଳ, ସଦର, କଟକ ତଥା
ଅଧ୍ୟକ୍ଷ
ନିୟନ୍ତ୍ରିତ ବଜାର କମିଟି, କେନ୍ଦୁପାଟଣା
16
